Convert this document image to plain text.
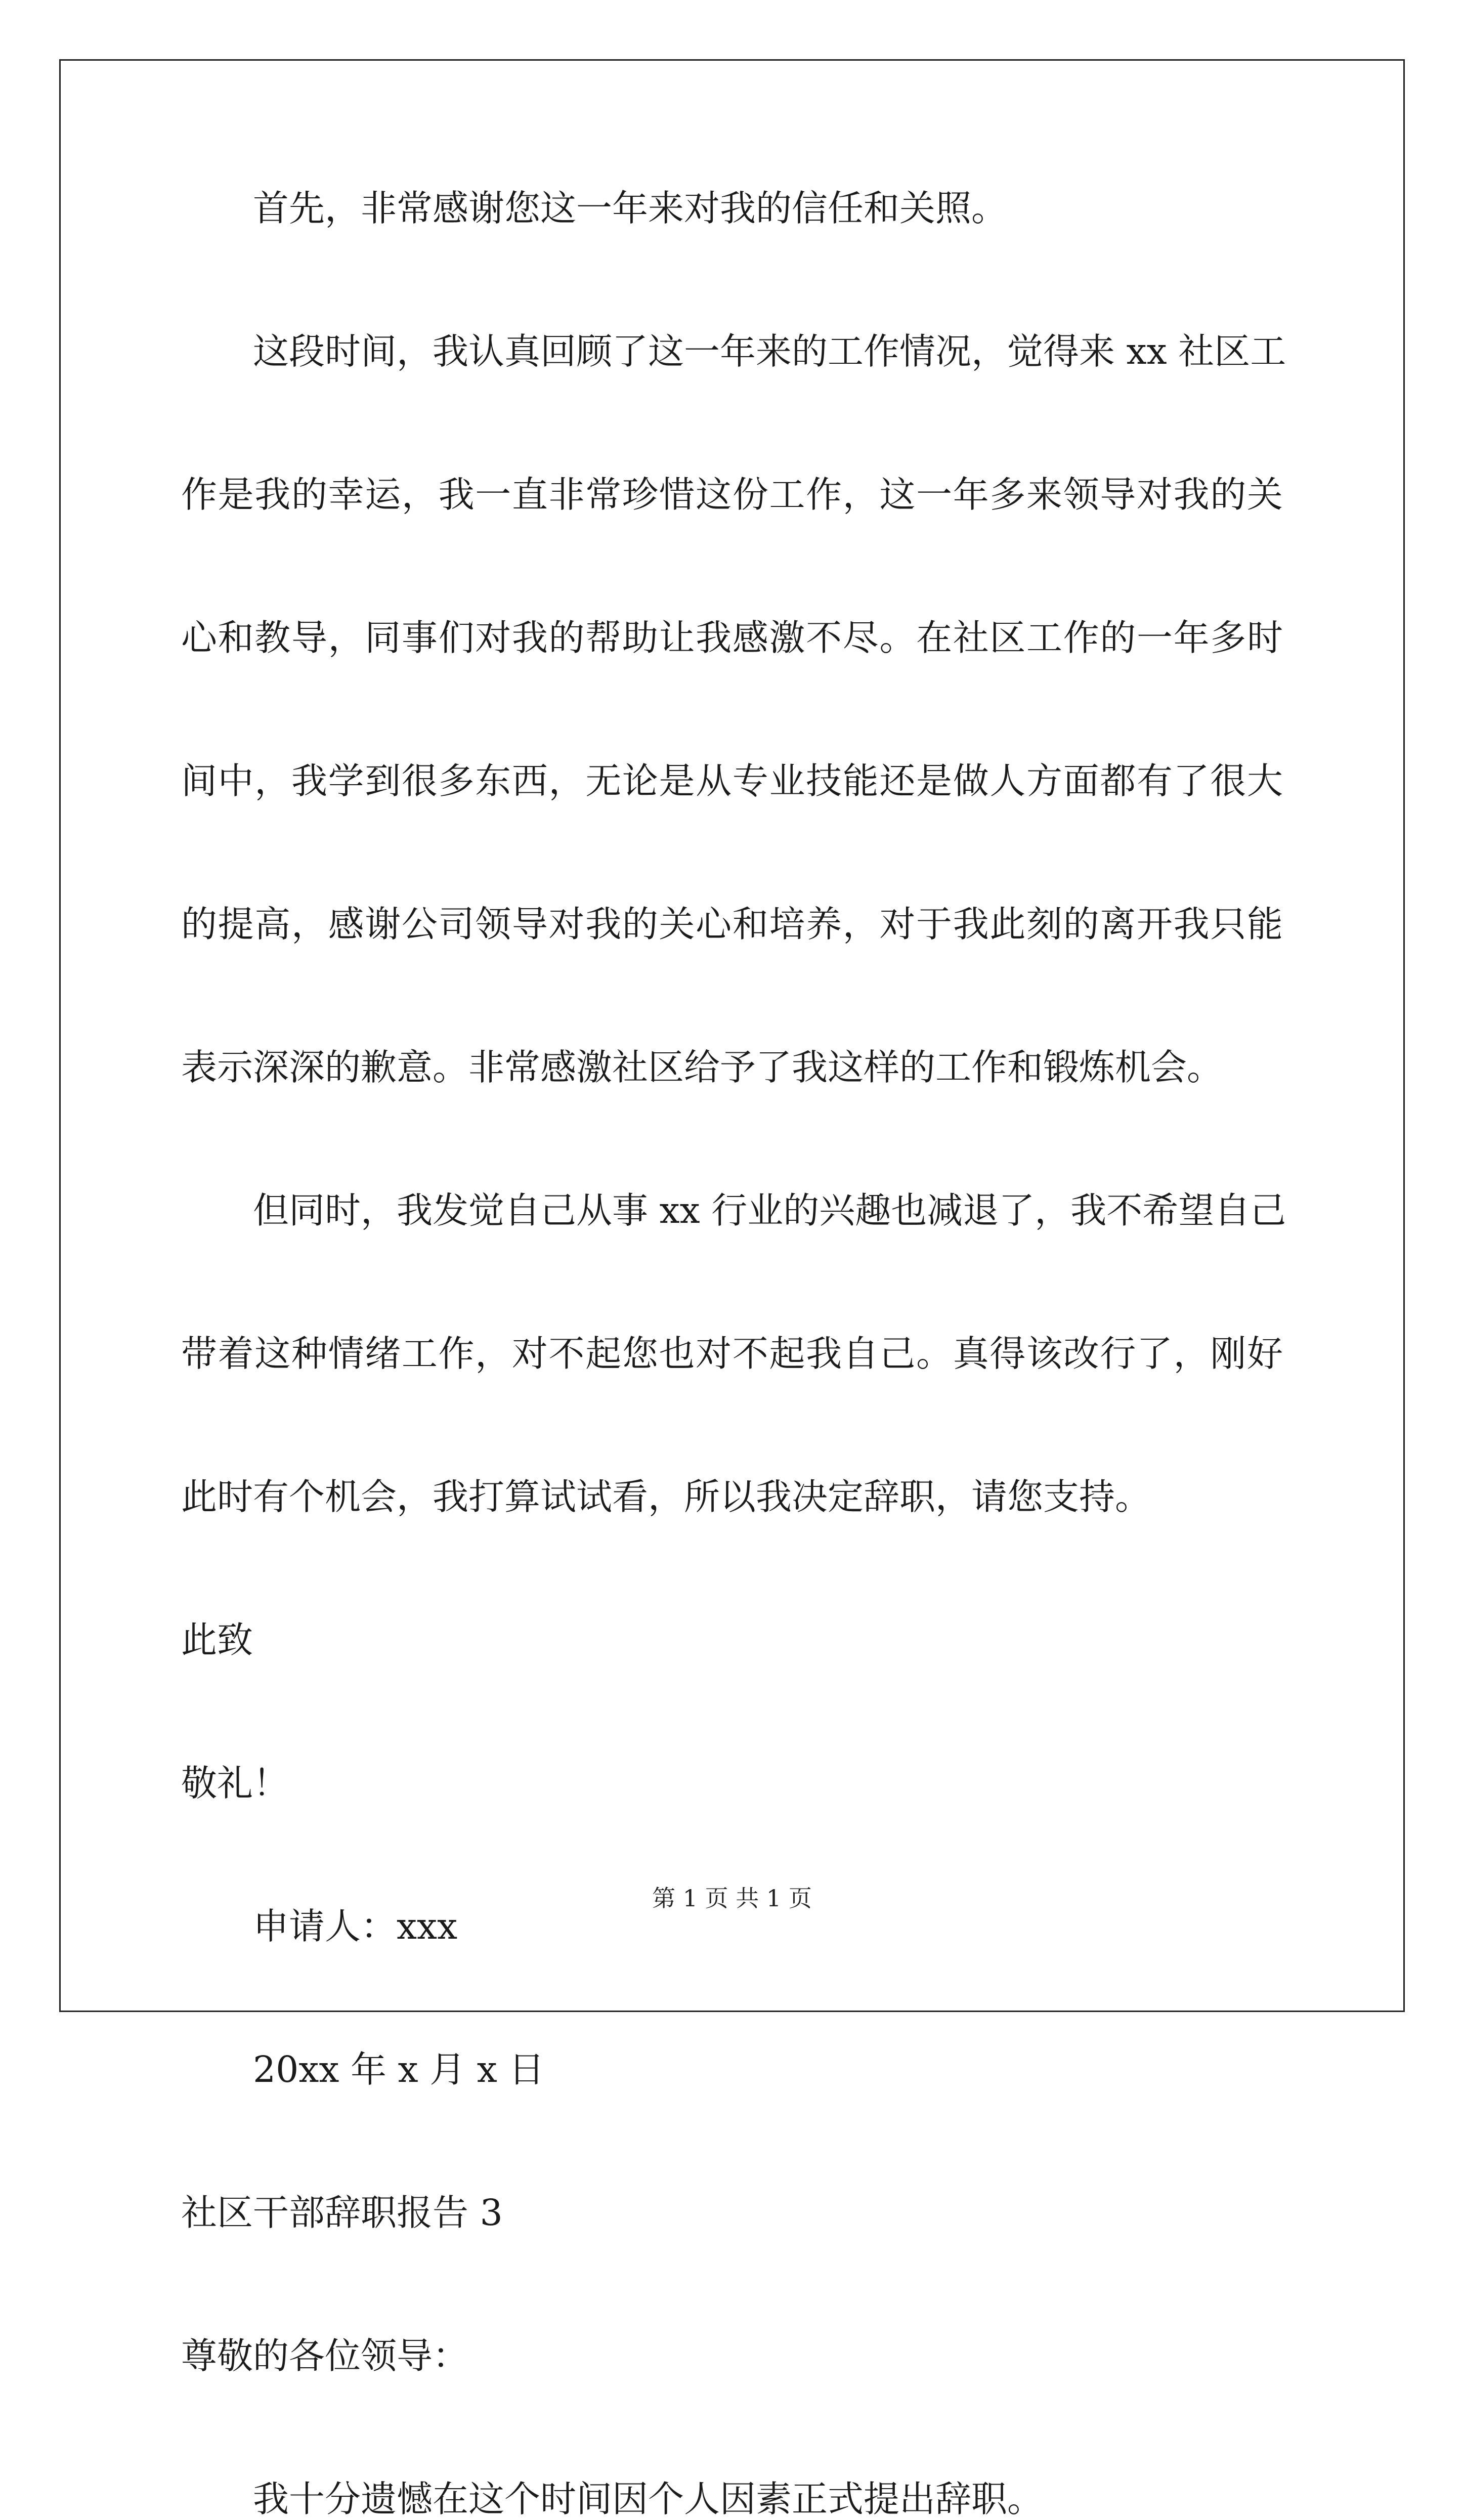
首先，非常感谢您这一年来对我的信任和关照。

这段时间，我认真回顾了这一年来的工作情况，觉得来 xx 社区工

作是我的幸运，我一直非常珍惜这份工作，这一年多来领导对我的关

心和教导，同事们对我的帮助让我感激不尽。在社区工作的一年多时

间中，我学到很多东西，无论是从专业技能还是做人方面都有了很大

的提高，感谢公司领导对我的关心和培养，对于我此刻的离开我只能

表示深深的歉意。非常感激社区给予了我这样的工作和锻炼机会。

但同时，我发觉自己从事 xx 行业的兴趣也减退了，我不希望自己

带着这种情绪工作，对不起您也对不起我自己。真得该改行了，刚好

此时有个机会，我打算试试看，所以我决定辞职，请您支持。

此致

敬礼！

申请人：xxx

20xx 年 x 月 x 日

社区干部辞职报告 3

尊敬的各位领导：

我十分遗憾在这个时间因个人因素正式提出辞职。

第 1 页 共 1 页
